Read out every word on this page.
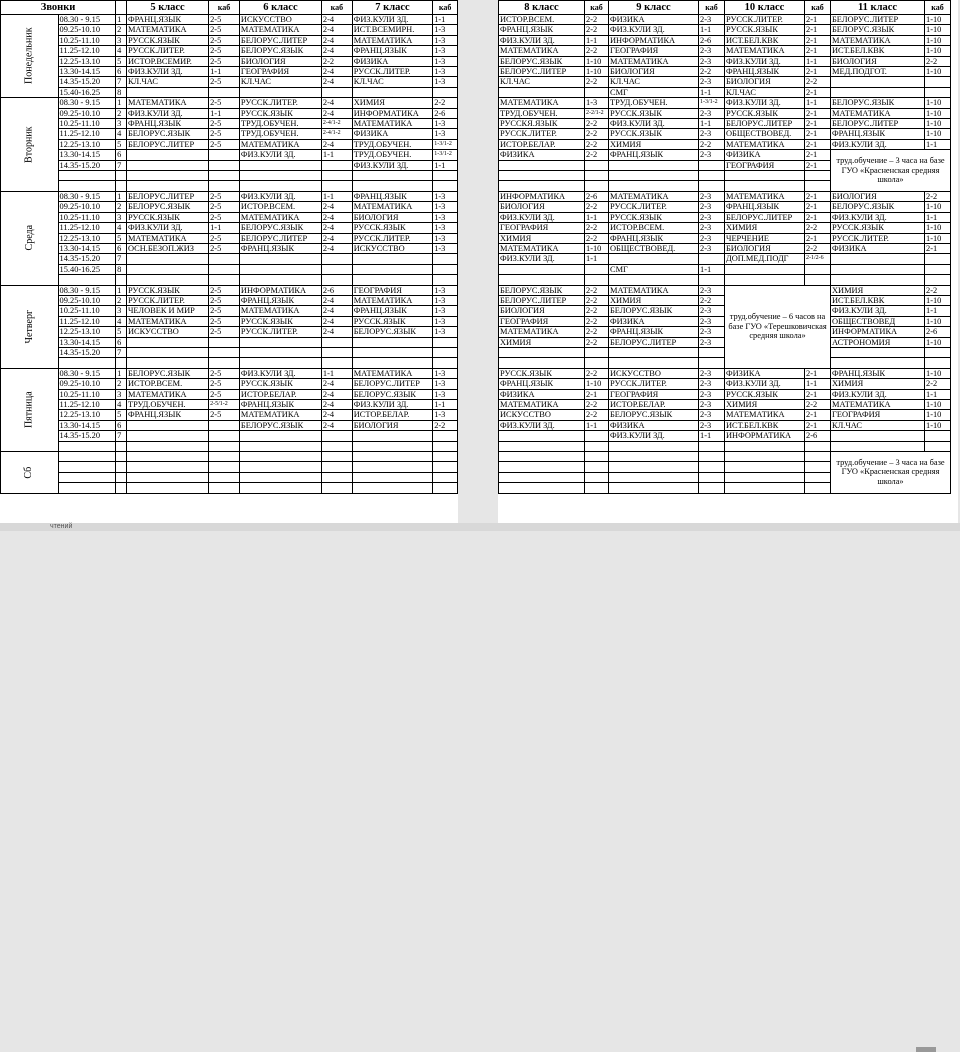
Звонки			5 класс	каб	6 класс	каб	7 класс	каб
Понедельник	08.30 - 9.15	1	ФРАНЦ.ЯЗЫК	2-5	ИСКУССТВО	2-4	ФИЗ.КУЛИ ЗД.	1-1
	09.25-10.10	2	МАТЕМАТИКА	2-5	МАТЕМАТИКА	2-4	ИСТ.ВСЕМИРН.	1-3
	10.25-11.10	3	РУССК.ЯЗЫК	2-5	БЕЛОРУС.ЛИТЕР	2-4	МАТЕМАТИКА	1-3
	11.25-12.10	4	РУССК.ЛИТЕР.	2-5	БЕЛОРУС.ЯЗЫК	2-4	ФРАНЦ.ЯЗЫК	1-3
	12.25-13.10	5	ИСТОР.ВСЕМИР.	2-5	БИОЛОГИЯ	2-2	ФИЗИКА	1-3
	13.30-14.15	6	ФИЗ.КУЛИ ЗД.	1-1	ГЕОГРАФИЯ	2-4	РУССК.ЛИТЕР.	1-3
	14.35-15.20	7	КЛ.ЧАС	2-5	КЛ.ЧАС	2-4	КЛ.ЧАС	1-3
	15.40-16.25	8						
Вторник	08.30 - 9.15	1	МАТЕМАТИКА	2-5	РУССК.ЛИТЕР.	2-4	ХИМИЯ	2-2
	09.25-10.10	2	ФИЗ.КУЛИ ЗД.	1-1	РУССК.ЯЗЫК	2-4	ИНФОРМАТИКА	2-6
	10.25-11.10	3	ФРАНЦ.ЯЗЫК	2-5	ТРУД.ОБУЧЕН.	2-4/1-2	МАТЕМАТИКА	1-3
	11.25-12.10	4	БЕЛОРУС.ЯЗЫК	2-5	ТРУД.ОБУЧЕН.	2-4/1-2	ФИЗИКА	1-3
	12.25-13.10	5	БЕЛОРУС.ЛИТЕР	2-5	МАТЕМАТИКА	2-4	ТРУД.ОБУЧЕН.	1-3/1-2
	13.30-14.15	6			ФИЗ.КУЛИ ЗД.	1-1	ТРУД.ОБУЧЕН.	1-3/1-2
	14.35-15.20	7					ФИЗ.КУЛИ ЗД.	1-1

Среда	08.30 - 9.15	1	БЕЛОРУС.ЛИТЕР	2-5	ФИЗ.КУЛИ ЗД.	1-1	ФРАНЦ.ЯЗЫК	1-3
	09.25-10.10	2	БЕЛОРУС.ЯЗЫК	2-5	ИСТОР.ВСЕМ.	2-4	МАТЕМАТИКА	1-3
	10.25-11.10	3	РУССК.ЯЗЫК	2-5	МАТЕМАТИКА	2-4	БИОЛОГИЯ	1-3
	11.25-12.10	4	ФИЗ.КУЛИ ЗД.	1-1	БЕЛОРУС.ЯЗЫК	2-4	РУССК.ЯЗЫК	1-3
	12.25-13.10	5	МАТЕМАТИКА	2-5	БЕЛОРУС.ЛИТЕР	2-4	РУССК.ЛИТЕР.	1-3
	13.30-14.15	6	ОСН.БЕЗОП.ЖИЗ	2-5	ФРАНЦ.ЯЗЫК	2-4	ИСКУССТВО	1-3
	14.35-15.20	7						
	15.40-16.25	8						

Четверг	08.30 - 9.15	1	РУССК.ЯЗЫК	2-5	ИНФОРМАТИКА	2-6	ГЕОГРАФИЯ	1-3
	09.25-10.10	2	РУССК.ЛИТЕР.	2-5	ФРАНЦ.ЯЗЫК	2-4	МАТЕМАТИКА	1-3
	10.25-11.10	3	ЧЕЛОВЕК И МИР	2-5	МАТЕМАТИКА	2-4	ФРАНЦ.ЯЗЫК	1-3
	11.25-12.10	4	МАТЕМАТИКА	2-5	РУССК.ЯЗЫК	2-4	РУССК.ЯЗЫК	1-3
	12.25-13.10	5	ИСКУССТВО	2-5	РУССК.ЛИТЕР.	2-4	БЕЛОРУС.ЯЗЫК	1-3
	13.30-14.15	6						
	14.35-15.20	7						

Пятница	08.30 - 9.15	1	БЕЛОРУС.ЯЗЫК	2-5	ФИЗ.КУЛИ ЗД.	1-1	МАТЕМАТИКА	1-3
	09.25-10.10	2	ИСТОР.ВСЕМ.	2-5	РУССК.ЯЗЫК	2-4	БЕЛОРУС.ЛИТЕР	1-3
	10.25-11.10	3	МАТЕМАТИКА	2-5	ИСТОР.БЕЛАР.	2-4	БЕЛОРУС.ЯЗЫК	1-3
	11.25-12.10	4	ТРУД.ОБУЧЕН.	2-5/1-2	ФРАНЦ.ЯЗЫК	2-4	ФИЗ.КУЛИ ЗД.	1-1
	12.25-13.10	5	ФРАНЦ.ЯЗЫК	2-5	МАТЕМАТИКА	2-4	ИСТОР.БЕЛАР.	1-3
	13.30-14.15	6			БЕЛОРУС.ЯЗЫК	2-4	БИОЛОГИЯ	2-2
	14.35-15.20	7						

Сб								

8 класс	каб	9 класс	каб	10 класс	каб	11 класс	каб
ИСТОР.ВСЕМ.	2-2	ФИЗИКА	2-3	РУССК.ЛИТЕР.	2-1	БЕЛОРУС.ЛИТЕР	1-10
ФРАНЦ.ЯЗЫК	2-2	ФИЗ.КУЛИ ЗД.	1-1	РУССК.ЯЗЫК	2-1	БЕЛОРУС.ЯЗЫК	1-10
ФИЗ.КУЛИ ЗД.	1-1	ИНФОРМАТИКА	2-6	ИСТ.БЕЛ.КВК	2-1	МАТЕМАТИКА	1-10
МАТЕМАТИКА	2-2	ГЕОГРАФИЯ	2-3	МАТЕМАТИКА	2-1	ИСТ.БЕЛ.КВК	1-10
БЕЛОРУС.ЯЗЫК	1-10	МАТЕМАТИКА	2-3	ФИЗ.КУЛИ ЗД.	1-1	БИОЛОГИЯ	2-2
БЕЛОРУС.ЛИТЕР	1-10	БИОЛОГИЯ	2-2	ФРАНЦ.ЯЗЫК	2-1	МЕД.ПОДГОТ.	1-10
КЛ.ЧАС	2-2	КЛ.ЧАС	2-3	БИОЛОГИЯ	2-2		
		СМГ	1-1	КЛ.ЧАС	2-1		
МАТЕМАТИКА	1-3	ТРУД.ОБУЧЕН.	1-3/1-2	ФИЗ.КУЛИ ЗД.	1-1	БЕЛОРУС.ЯЗЫК	1-10
ТРУД.ОБУЧЕН.	2-2/1-2	РУССК.ЯЗЫК	2-3	РУССК.ЯЗЫК	2-1	МАТЕМАТИКА	1-10
РУССКЯ.ЯЗЫК	2-2	ФИЗ.КУЛИ ЗД.	1-1	БЕЛОРУС.ЛИТЕР	2-1	БЕЛОРУС.ЛИТЕР	1-10
РУССК.ЛИТЕР.	2-2	РУССК.ЯЗЫК	2-3	ОБЩЕСТВОВЕД.	2-1	ФРАНЦ.ЯЗЫК	1-10
ИСТОР.БЕЛАР.	2-2	ХИМИЯ	2-2	МАТЕМАТИКА	2-1	ФИЗ.КУЛИ ЗД.	1-1
ФИЗИКА	2-2	ФРАНЦ.ЯЗЫК	2-3	ФИЗИКА	2-1	труд.обучение – 3 часа на базе ГУО «Красненская средняя школа»	
				ГЕОГРАФИЯ	2-1		

ИНФОРМАТИКА	2-6	МАТЕМАТИКА	2-3	МАТЕМАТИКА	2-1	БИОЛОГИЯ	2-2
БИОЛОГИЯ	2-2	РУССК.ЛИТЕР.	2-3	ФРАНЦ.ЯЗЫК	2-1	БЕЛОРУС.ЯЗЫК	1-10
ФИЗ.КУЛИ ЗД.	1-1	РУССК.ЯЗЫК	2-3	БЕЛОРУС.ЛИТЕР	2-1	ФИЗ.КУЛИ ЗД.	1-1
ГЕОГРАФИЯ	2-2	ИСТОР.ВСЕМ.	2-3	ХИМИЯ	2-2	РУССК.ЯЗЫК	1-10
ХИМИЯ	2-2	ФРАНЦ.ЯЗЫК	2-3	ЧЕРЧЕНИЕ	2-1	РУССК.ЛИТЕР.	1-10
МАТЕМАТИКА	1-10	ОБЩЕСТВОВЕД.	2-3	БИОЛОГИЯ	2-2	ФИЗИКА	2-1
ФИЗ.КУЛИ ЗД.	1-1			ДОП.МЕД.ПОДГ	2-1/2-6		
		СМГ	1-1				

БЕЛОРУС.ЯЗЫК	2-2	МАТЕМАТИКА	2-3	труд.обучение – 6 часов на базе ГУО «Терешковичская средняя школа»		ХИМИЯ	2-2
БЕЛОРУС.ЛИТЕР	2-2	ХИМИЯ	2-2			ИСТ.БЕЛ.КВК	1-10
БИОЛОГИЯ	2-2	БЕЛОРУС.ЯЗЫК	2-3			ФИЗ.КУЛИ ЗД.	1-1
ГЕОГРАФИЯ	2-2	ФИЗИКА	2-3			ОБЩЕСТВОВЕД	1-10
МАТЕМАТИКА	2-2	ФРАНЦ.ЯЗЫК	2-3			ИНФОРМАТИКА	2-6
ХИМИЯ	2-2	БЕЛОРУС.ЛИТЕР	2-3			АСТРОНОМИЯ	1-10

РУССК.ЯЗЫК	2-2	ИСКУССТВО	2-3	ФИЗИКА	2-1	ФРАНЦ.ЯЗЫК	1-10
ФРАНЦ.ЯЗЫК	1-10	РУССК.ЛИТЕР.	2-3	ФИЗ.КУЛИ ЗД.	1-1	ХИМИЯ	2-2
ФИЗИКА	2-1	ГЕОГРАФИЯ	2-3	РУССК.ЯЗЫК	2-1	ФИЗ.КУЛИ ЗД.	1-1
МАТЕМАТИКА	2-2	ИСТОР.БЕЛАР.	2-3	ХИМИЯ	2-2	МАТЕМАТИКА	1-10
ИСКУССТВО	2-2	БЕЛОРУС.ЯЗЫК	2-3	МАТЕМАТИКА	2-1	ГЕОГРАФИЯ	1-10
ФИЗ.КУЛИ ЗД.	1-1	ФИЗИКА	2-3	ИСТ.БЕЛ.КВК	2-1	КЛ.ЧАС	1-10
		ФИЗ.КУЛИ ЗД.	1-1	ИНФОРМАТИКА	2-6		

						труд.обучение – 3 часа на базе ГУО «Красненская средняя школа»	

чтений
